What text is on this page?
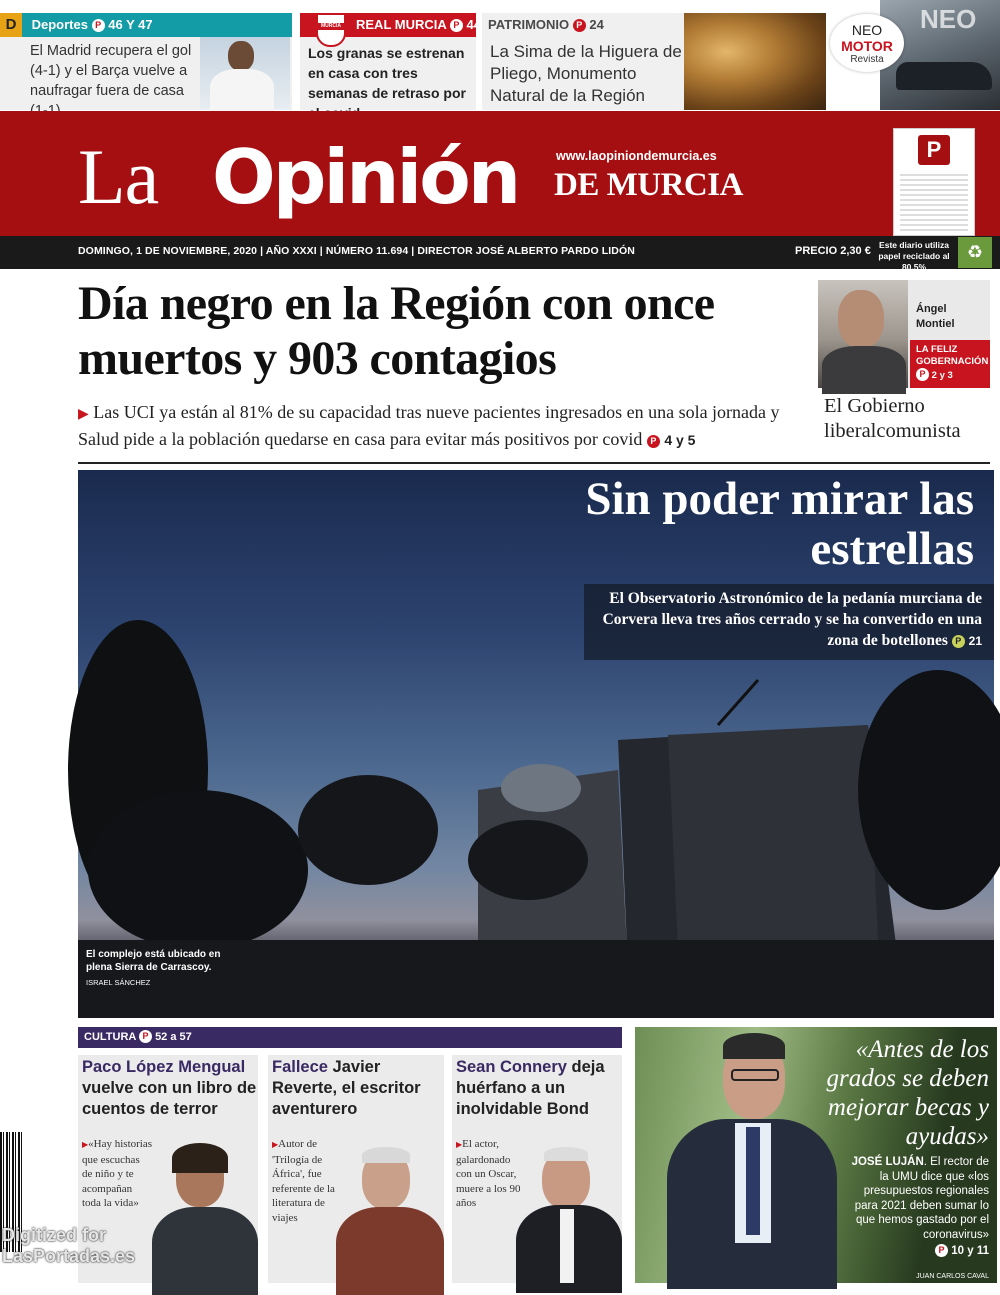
D Deportes P 46 Y 47
El Madrid recupera el gol (4-1) y el Barça vuelve a naufragar fuera de casa
REAL MURCIA P 44
MURCIA
Los granas se estrenan en casa con tres semanas de retraso por
PATRIMONIO P 24
La Sima de la Higuera de Pliego, Monumento Natural de la Región
NEO
NEO
MOTOR
Revista
La Opinión	www.laopiniondemurcia.es
DE MURCIA
P
DOMINGO, 1 DE NOVIEMBRE, 2020 | AÑO XXXI | NÚMERO 11.694 | DIRECTOR JOSÉ ALBERTO PARDO LIDÓN	PRECIO 2,30 € Este diario utiliza papel reciclado al 80,5%
♻
Día negro en la Región con once muertos y 903 contagios
▶ Las UCI ya están al 81% de su capacidad tras nueve pacientes ingresados en una sola jornada y Salud pide a la población quedarse en casa para evitar más positivos por covid P 4 y 5
Ángel
Montiel
LA FELIZ
GOBERNACIÓN
P 2 y 3
El Gobierno liberalcomunista
Sin poder mirar las estrellas
El Observatorio Astronómico de la pedanía murciana de Corvera lleva tres años cerrado y se ha convertido en una zona de botellones P 21
El complejo está ubicado en plena Sierra de Carrascoy.
ISRAEL SÁNCHEZ
CULTURA P 52 a 57
Paco López Mengual vuelve con un libro de cuentos de terror
▶«Hay historias que escuchas de niño y te acompañan toda la vida»
Fallece Javier Reverte, el escritor aventurero
▶Autor de 'Trilogía de África', fue referente de la literatura de viajes
Sean Connery deja huérfano a un inolvidable Bond
▶El actor, galardonado con un Oscar, muere a los 90 años
Digitized for
LasPortadas.es
«Antes de los grados se deben mejorar becas y ayudas»
JOSÉ LUJÁN. El rector de la UMU dice que «los presupuestos regionales para 2021 deben sumar lo que hemos gastado por el coronavirus»
P 10 y 11
JUAN CARLOS CAVAL
